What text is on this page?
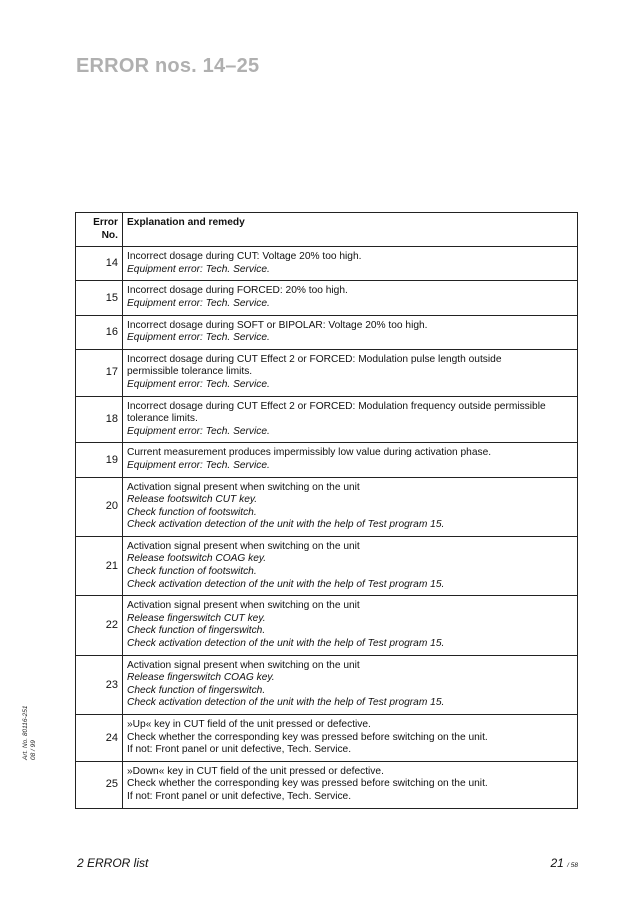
ERROR nos. 14–25
Error
No.	Explanation and remedy
14	Incorrect dosage during CUT: Voltage 20% too high.
Equipment error: Tech. Service.

15	Incorrect dosage during FORCED: 20% too high.
Equipment error: Tech. Service.

16	Incorrect dosage during SOFT or BIPOLAR: Voltage 20% too high.
Equipment error: Tech. Service.

17	Incorrect dosage during CUT Effect 2 or FORCED: Modulation pulse length outside
permissible tolerance limits.
Equipment error: Tech. Service.

18	Incorrect dosage during CUT Effect 2 or FORCED: Modulation frequency outside permissible
tolerance limits.
Equipment error: Tech. Service.

19	Current measurement produces impermissibly low value during activation phase.
Equipment error: Tech. Service.

20	Activation signal present when switching on the unit
Release footswitch CUT key.
Check function of footswitch.
Check activation detection of the unit with the help of Test program 15.

21	Activation signal present when switching on the unit
Release footswitch COAG key.
Check function of footswitch.
Check activation detection of the unit with the help of Test program 15.

22	Activation signal present when switching on the unit
Release fingerswitch CUT key.
Check function of fingerswitch.
Check activation detection of the unit with the help of Test program 15.

23	Activation signal present when switching on the unit
Release fingerswitch COAG key.
Check function of fingerswitch.
Check activation detection of the unit with the help of Test program 15.

24	»Up« key in CUT field of the unit pressed or defective.
Check whether the corresponding key was pressed before switching on the unit.
If not: Front panel or unit defective, Tech. Service.

25	»Down« key in CUT field of the unit pressed or defective.
Check whether the corresponding key was pressed before switching on the unit.
If not: Front panel or unit defective, Tech. Service.
Art. No. 80116-251 08 / 99
2 ERROR list	21 / 58
